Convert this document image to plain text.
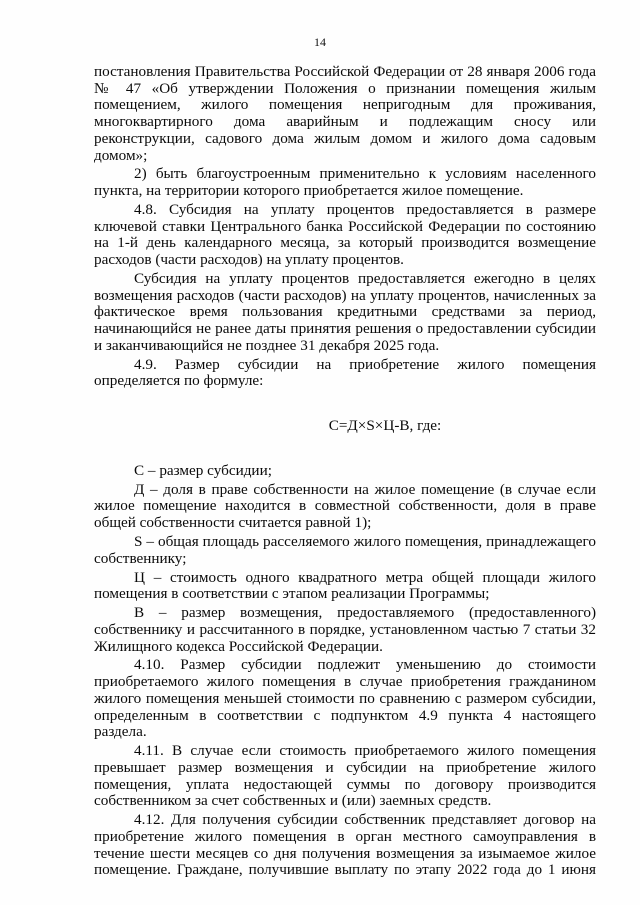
14

постановления Правительства Российской Федерации от 28 января 2006 года № 47 «Об утверждении Положения о признании помещения жилым помещением, жилого помещения непригодным для проживания, многоквартирного дома аварийным и подлежащим сносу или реконструкции, садового дома жилым домом и жилого дома садовым домом»;

2) быть благоустроенным применительно к условиям населенного пункта, на территории которого приобретается жилое помещение.

4.8. Субсидия на уплату процентов предоставляется в размере ключевой ставки Центрального банка Российской Федерации по состоянию на 1-й день календарного месяца, за который производится возмещение расходов (части расходов) на уплату процентов.

Субсидия на уплату процентов предоставляется ежегодно в целях возмещения расходов (части расходов) на уплату процентов, начисленных за фактическое время пользования кредитными средствами за период, начинающийся не ранее даты принятия решения о предоставлении субсидии и заканчивающийся не позднее 31 декабря 2025 года.

4.9. Размер субсидии на приобретение жилого помещения определяется по формуле:

С=Д×S×Ц-В, где:

С – размер субсидии;

Д – доля в праве собственности на жилое помещение (в случае если жилое помещение находится в совместной собственности, доля в праве общей собственности считается равной 1);

S – общая площадь расселяемого жилого помещения, принадлежащего собственнику;

Ц – стоимость одного квадратного метра общей площади жилого помещения в соответствии с этапом реализации Программы;

В – размер возмещения, предоставляемого (предоставленного) собственнику и рассчитанного в порядке, установленном частью 7 статьи 32 Жилищного кодекса Российской Федерации.

4.10. Размер субсидии подлежит уменьшению до стоимости приобретаемого жилого помещения в случае приобретения гражданином жилого помещения меньшей стоимости по сравнению с размером субсидии, определенным в соответствии с подпунктом 4.9 пункта 4 настоящего раздела.

4.11. В случае если стоимость приобретаемого жилого помещения превышает размер возмещения и субсидии на приобретение жилого помещения, уплата недостающей суммы по договору производится собственником за счет собственных и (или) заемных средств.

4.12. Для получения субсидии собственник представляет договор на приобретение жилого помещения в орган местного самоуправления в течение шести месяцев со дня получения возмещения за изымаемое жилое помещение. Граждане, получившие выплату по этапу 2022 года до 1 июня
